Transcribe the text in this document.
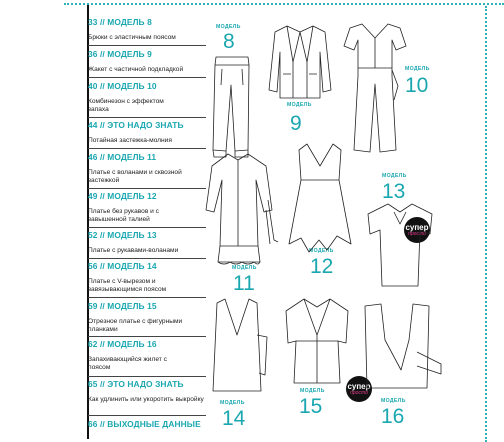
33 // МОДЕЛЬ 8
Брюки с эластичным поясом
36 // МОДЕЛЬ 9
Жакет с частичной подкладкой
40 // МОДЕЛЬ 10
Комбинезон с эффектом запаха
44 // ЭТО НАДО ЗНАТЬ
Потайная застежка-молния
46 // МОДЕЛЬ 11
Платье с воланами и сквозной застежкой
49 // МОДЕЛЬ 12
Платье без рукавов и с завышенной талией
52 // МОДЕЛЬ 13
Платье с рукавами-воланами
56 // МОДЕЛЬ 14
Платье с V-вырезом и завязывающимся поясом
59 // МОДЕЛЬ 15
Отрезное платье с фигурными планками
62 // МОДЕЛЬ 16
Запахивающийся жилет с поясом
65 // ЭТО НАДО ЗНАТЬ
Как удлинить или укоротить выкройку
66 // ВЫХОДНЫЕ ДАННЫЕ
МОДЕЛЬ
8
МОДЕЛЬ
9
МОДЕЛЬ
10
МОДЕЛЬ
11
МОДЕЛЬ
12
МОДЕЛЬ
13
МОДЕЛЬ
14
МОДЕЛЬ
15	МОДЕЛЬ
16
супер
просто
супер
просто
